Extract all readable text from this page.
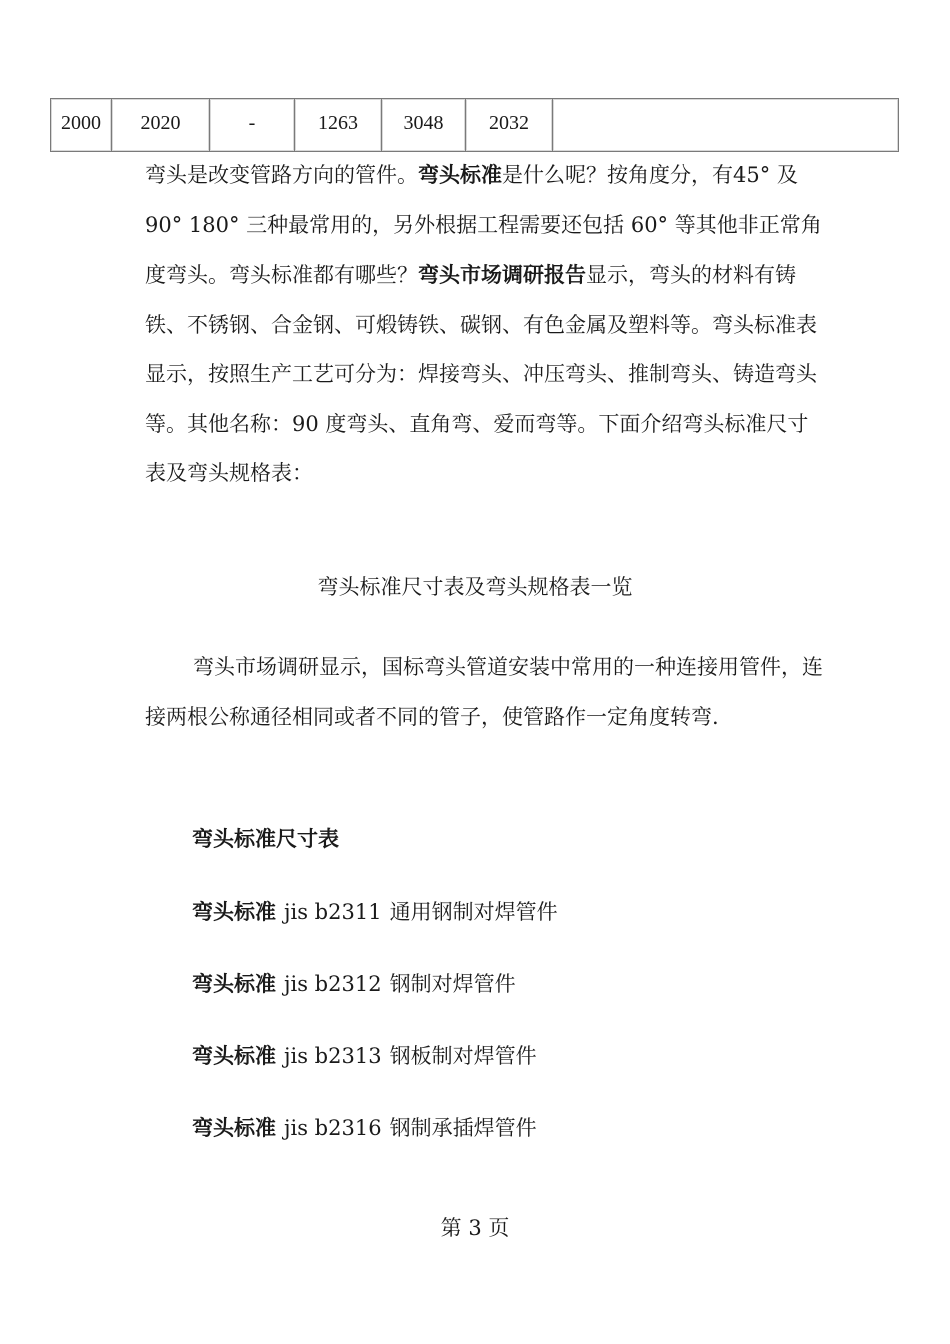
2000	2020	-	1263	3048	2032	

弯头是改变管路方向的管件。弯头标准是什么呢？按角度分，有45° 及 90° 180° 三种最常用的，另外根据工程需要还包括 60° 等其他非正常角度弯头。弯头标准都有哪些？弯头市场调研报告显示，弯头的材料有铸铁、不锈钢、合金钢、可煅铸铁、碳钢、有色金属及塑料等。弯头标准表显示，按照生产工艺可分为：焊接弯头、冲压弯头、推制弯头、铸造弯头等。其他名称：90 度弯头、直角弯、爱而弯等。下面介绍弯头标准尺寸表及弯头规格表：

弯头标准尺寸表及弯头规格表一览

弯头市场调研显示，国标弯头管道安装中常用的一种连接用管件，连接两根公称通径相同或者不同的管子，使管路作一定角度转弯.

弯头标准尺寸表

弯头标准 jis b2311 通用钢制对焊管件

弯头标准 jis b2312 钢制对焊管件

弯头标准 jis b2313 钢板制对焊管件

弯头标准 jis b2316 钢制承插焊管件

第 3 页
